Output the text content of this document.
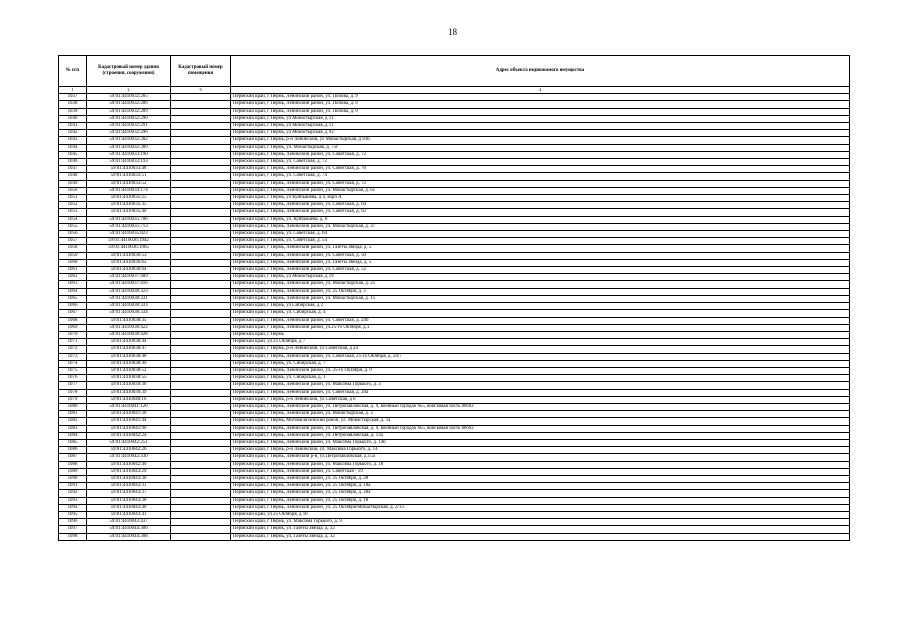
18
№ п/п	Кадастровый номер здания (строения, сооружения)	Кадастровый номер помещения	Адрес объекта недвижимого имущества
1	2	3	4
1037	59:01:4410032:285		Пермский край, г Пермь, Ленинский район, ул. Попова, д. 9
1038	59:01:4410032:286		Пермский край, г Пермь, Ленинский район, ул. Попова, д. 9
1039	59:01:4410032:289		Пермский край, г Пермь, Ленинский район, ул. Попова, д. 9
1040	59:01:4410032:290		Пермский край, г Пермь, ул Монастырская, д 11
1041	59:01:4410032:291		Пермский край, г Пермь, ул Монастырская, д 11
1042	59:01:4410032:296		Пермский край, г Пермь, ул Монастырская, д 93
1043	59:01:4410032:302		Пермский край, г Пермь, р-н Ленинский, ул Монастырская, д 93б
1044	59:01:4410032:309		Пермский край, г Пермь, ул. Монастырская, д. 75г
1045	59:01:4410033:190		Пермский край, г Пермь, Ленинский район, ул. Советская, д. 72
1046	59:01:4410033:193		Пермский край, г Пермь, ул. Советская, д. 72
1047	59:01:4410033:48		Пермский край, г Пермь, Ленинский район, ул. Советская, д. 70
1048	59:01:4410033:51		Пермский край, г Пермь, ул. Советская, д. 74
1049	59:01:4410033:52		Пермский край, г Пермь, Ленинский район, ул. Советская, д. 72
1050	59:01:4410034:174		Пермский край, г Пермь, Ленинский район, ул. Монастырская, д. 61
1051	59:01:4410035:25		Пермский край, г Пермь, ул Куйбышева, д 4, корп А
1052	59:01:4410035:35		Пермский край, г Пермь, Ленинский район, ул. Советская, д. 64
1053	59:01:4410035:40		Пермский край, г Пермь, Ленинский район, ул. Советская, д. 62
1054	59:01:4410035:706		Пермский край, г Пермь, ул. Куйбышева, д. 6
1055	59:01:4410035:713		Пермский край, г Пермь, Ленинский район, ул. Монастырская, д. 37
1056	59:01:4410035:823		Пермский край, г Пермь, ул. Советская, д. 64
1057	59:01:4410036:1942		Пермский край, г Пермь, ул. Советская, д. 54
1058	59:01:4410036:1965		Пермский край, г Пермь, Ленинский район, ул. Газеты Звезда, д. 5
1059	59:01:4410036:53		Пермский край, г Пермь, Ленинский район, ул. Советская, д. 50
1060	59:01:4410036:62		Пермский край, г Пермь, Ленинский район, ул. Газеты Звезда, д. 5
1061	59:01:4410036:64		Пермский край, г Пермь, Ленинский район, ул. Советская, д. 52
1062	59:01:4410037:409		Пермский край, г Пермь, ул Монастырская, д 19
1063	59:01:4410037:416		Пермский край, г Пермь, Ленинский район, ул. Монастырская, д. 25
1064	59:01:4410038:323		Пермский край, г Пермь, Ленинский район, ул. 25 Октября, д. 3
1065	59:01:4410038:331		Пермский край, г Пермь, Ленинский район, ул. Монастырская, д. 15
1066	59:01:4410038:333		Пермский край, г Пермь, ул Сибирская, д 2
1067	59:01:4410038:334		Пермский край, г Пермь, ул. Сибирская, д. 4
1068	59:01:4410038:35		Пермский край, г Пермь, Ленинский район, ул. Советская, д. 24б
1069	59:01:4410038:422		Пермский край, г Пермь, Ленинский район, ул.25-го Октября, д.1
1070	59:01:4410038:428		Пермский край, г Пермь
1071	59:01:4410038:44		Пермский край, ул 25 Октября, д 7
1072	59:01:4410038:47		Пермский край, г Пермь, р-н Ленинский, ул Советская, д 24
1073	59:01:4410038:48		Пермский край, г Пермь, Ленинский район, ул. Советская, 25-го Октября, д. 24/7
1074	59:01:4410038:49		Пермский край, г Пермь, ул. Сибирская, д. 7
1075	59:01:4410038:52		Пермский край, г Пермь, Ленинский район, ул. 25-го Октября, д. 9
1076	59:01:4410038:55		Пермский край, г Пермь, ул. Сибирская, д. 1
1077	59:01:4410039:36		Пермский край, г Пермь, Ленинский район, ул. Максима Горького, д. 3
1078	59:01:4410039:39		Пермский край, г Пермь, Ленинский район, ул. Советская, д. 20а
1079	59:01:4410040:16		Пермский край, г Пермь, р-н Ленинский, ул Советская, д 6
1080	59:01:4410041:120		Пермский край, г Пермь, Ленинский район, ул. Петропавловская, д. 9, военный городок №5, войсковая часть 86692
1081	59:01:4410041:36		Пермский край, г Пермь, Ленинский район, ул. Монастырская, д. 3
1082	59:01:4410041:44		Пермский край, г Пермь, Мотовилихинский район, ул. Монастырская, д. 1а
1083	59:01:4410041:90		Пермский край, г Пермь, Ленинский район, ул. Петропавловская, д. 9, военный городок №5, войсковая часть 86692
1084	59:01:4410042:24		Пермский край, г Пермь, Ленинский район, ул. Петропавловская, д. 13а
1085	59:01:4410042:251		Пермский край, г Пермь, Ленинский район, ул. Максима Горького, д. 14б
1086	59:01:4410042:26		Пермский край, г Пермь, р-н Ленинский, ул. Максима Горького, д. 14
1087	59:01:4410042:330		Пермский край, г Пермь, Ленинский р-н, ул.Петропавловская, д.15а
1088	59:01:4410042:40		Пермский край, г Пермь, Ленинский район, ул. Максима Горького, д. 18
1089	59:01:4410043:29		Пермский край, г Пермь, Ленинский район, ул. Советская - 19
1090	59:01:4410043:30		Пермский край, г Пермь, Ленинский район, ул. 25 Октября, д. 28
1091	59:01:4410043:31		Пермский край, г Пермь, Ленинский район, ул. 25 Октября, д. 18а
1092	59:01:4410043:37		Пермский край, г Пермь, Ленинский район, ул. 25 Октября, д. 28а
1093	59:01:4410043:38		Пермский край, г Пермь, Ленинский район, ул. 25 Октября, д. 18
1094	59:01:4410043:40		Пермский край, г Пермь, Ленинский район, ул. 25 Октября/Монастырская, д. 2/13
1095	59:01:4410043:41		Пермский край, ул 25 Октября, д 16
1096	59:01:4410043:437		Пермский край, г Пермь, ул. Максима Горького, д. 9
1097	59:01:4410044:306		Пермский край, г Пермь, ул. Газеты Звезда, д. 32
1098	59:01:4410044:308		Пермский край, г Пермь, ул. Газеты Звезда, д. 32
